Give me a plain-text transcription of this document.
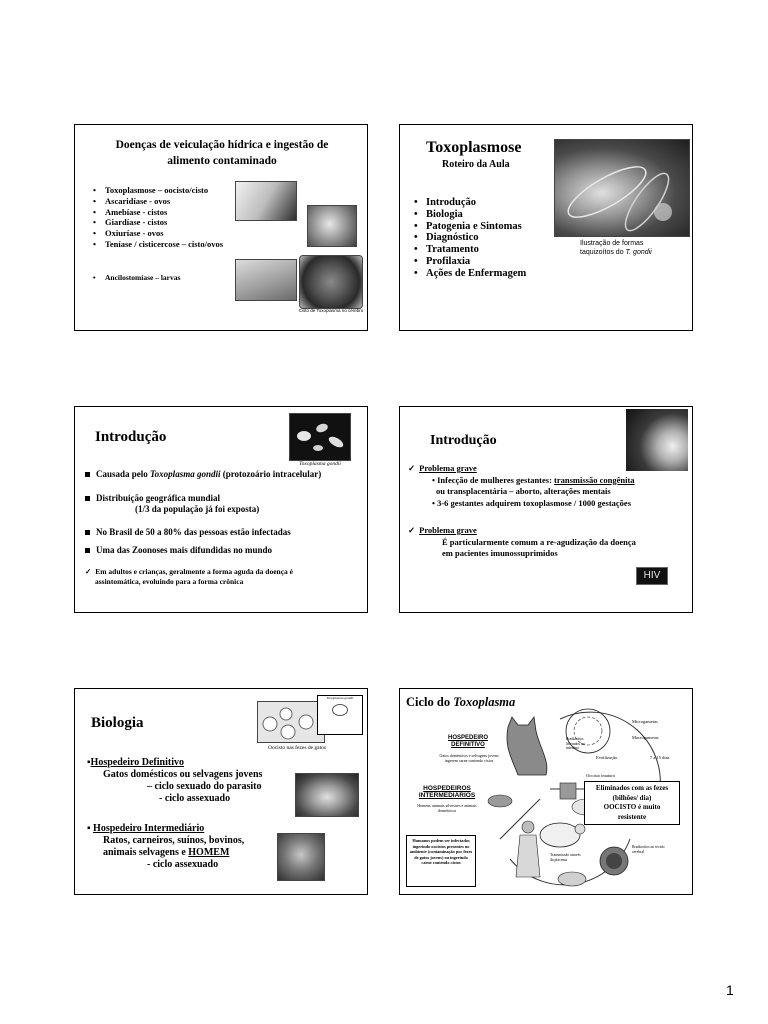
Doenças de veiculação hídrica e ingestão de
alimento contaminado
• Toxoplasmose – oocisto/cisto
• Ascaridíase - ovos
• Amebíase - cistos
• Giardíase - cistos
• Oxiuríase - ovos
• Teníase / cisticercose – cisto/ovos
• Ancilostomíase – larvas
Cisto de Toxoplasma no cérebro
Toxoplasmose
Roteiro da Aula
Ilustração de formas
taquizoítos do T. gondii
• Introdução
• Biologia
• Patogenia e Sintomas
• Diagnóstico
• Tratamento
• Profilaxia
• Ações de Enfermagem
Introdução
Toxoplasma gondii
Causada pelo Toxoplasma gondii (protozoário intracelular)
Distribuição geográfica mundial
(1/3 da população já foi exposta)
No Brasil de 50 a 80% das pessoas estão infectadas
Uma das Zoonoses mais difundidas no mundo
✓ Em adultos e crianças, geralmente a forma aguda da doença é
assintomática, evoluindo para a forma crônica
Introdução
✓ Problema grave
• Infecção de mulheres gestantes: transmissão congênita
ou transplacentária – aborto, alterações mentais
• 3-6 gestantes adquirem toxoplasmose / 1000 gestações
✓ Problema grave
É particularmente comum a re-agudização da doença
em pacientes imunossuprimidos
HIV
Biologia
Toxoplasma gondii
Oocisto nas fezes de gatos
▪Hospedeiro Definitivo
Gatos domésticos ou selvagens jovens
– ciclo sexuado do parasito
- ciclo assexuado
▪ Hospedeiro Intermediário
Ratos, carneiros, suínos, bovinos,
animais selvagens e HOMEM
- ciclo assexuado
Ciclo do Toxoplasma
HOSPEDEIRO
DEFINITIVO
Gatos domésticos e selvagens jovens ingerem carne contendo cistos
HOSPEDEIROS
INTERMEDIÁRIOS
Homem, animais silvestres e animais domésticos
Eliminados com as fezes
(bilhões/ dia)
OOCISTO é muito
resistente
Humanos podem ser infectados ingerindo oocistos presentes no ambiente (contaminação por fezes de gatos jovens) ou ingerindo carne contendo cistos
Microgametas
Macrogametas
Bradizoítos liberados no intestino
Fertilização	7 a 15 dias
Oocisto imaturo
Transmissão através da placenta
Bradizoítos no tecido cerebral
1
